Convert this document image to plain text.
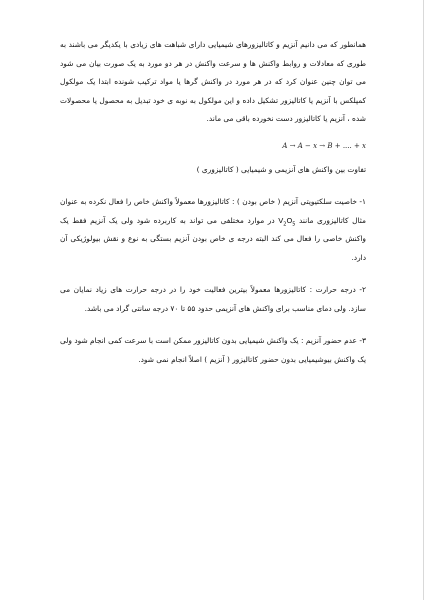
همانطور که می دانیم آنزیم و کاتالیزورهای شیمیایی دارای شباهت های زیادی با یکدیگر می باشند به طوری که معادلات و روابط واکنش ها و سرعت واکنش در هر دو مورد به یک صورت بیان می شود می توان چنین عنوان کرد که در هر مورد در واکنش گرها یا مواد ترکیب شونده ابتدا یک مولکول کمپلکس با آنزیم یا کاتالیزور تشکیل داده و این مولکول به نوبه ی خود تبدیل به محصول یا محصولات شده ، آنزیم یا کاتالیزور دست نخورده باقی می ماند.

A → A − x → B + .... + x

تفاوت بین واکنش های آنزیمی و شیمیایی ( کاتالیزوری )

۱- خاصیت سلکتیویتی آنزیم ( خاص بودن ) : کاتالیزورها معمولاً واکنش خاص را فعال نکرده به عنوان مثال کاتالیزوری مانند $V_2O_5$ در موارد مختلفی می تواند به کاربرده شود ولی یک آنزیم فقط یک واکنش خاصی را فعال می کند البته درجه ی خاص بودن آنزیم بستگی به نوع و نقش بیولوژیکی آن دارد.

۲- درجه حرارت : کاتالیزورها معمولاً بیترین فعالیت خود را در درجه حرارت های زیاد نمایان می سازد. ولی دمای مناسب برای واکنش های آنزیمی حدود ۵۵ تا ۷۰ درجه سانتی گراد می باشد.

۳- عدم حضور آنزیم : یک واکنش شیمیایی بدون کاتالیزور ممکن است با سرعت کمی انجام شود ولی یک واکنش بیوشیمیایی بدون حضور کاتالیزور ( آنزیم ) اصلاً انجام نمی شود.
